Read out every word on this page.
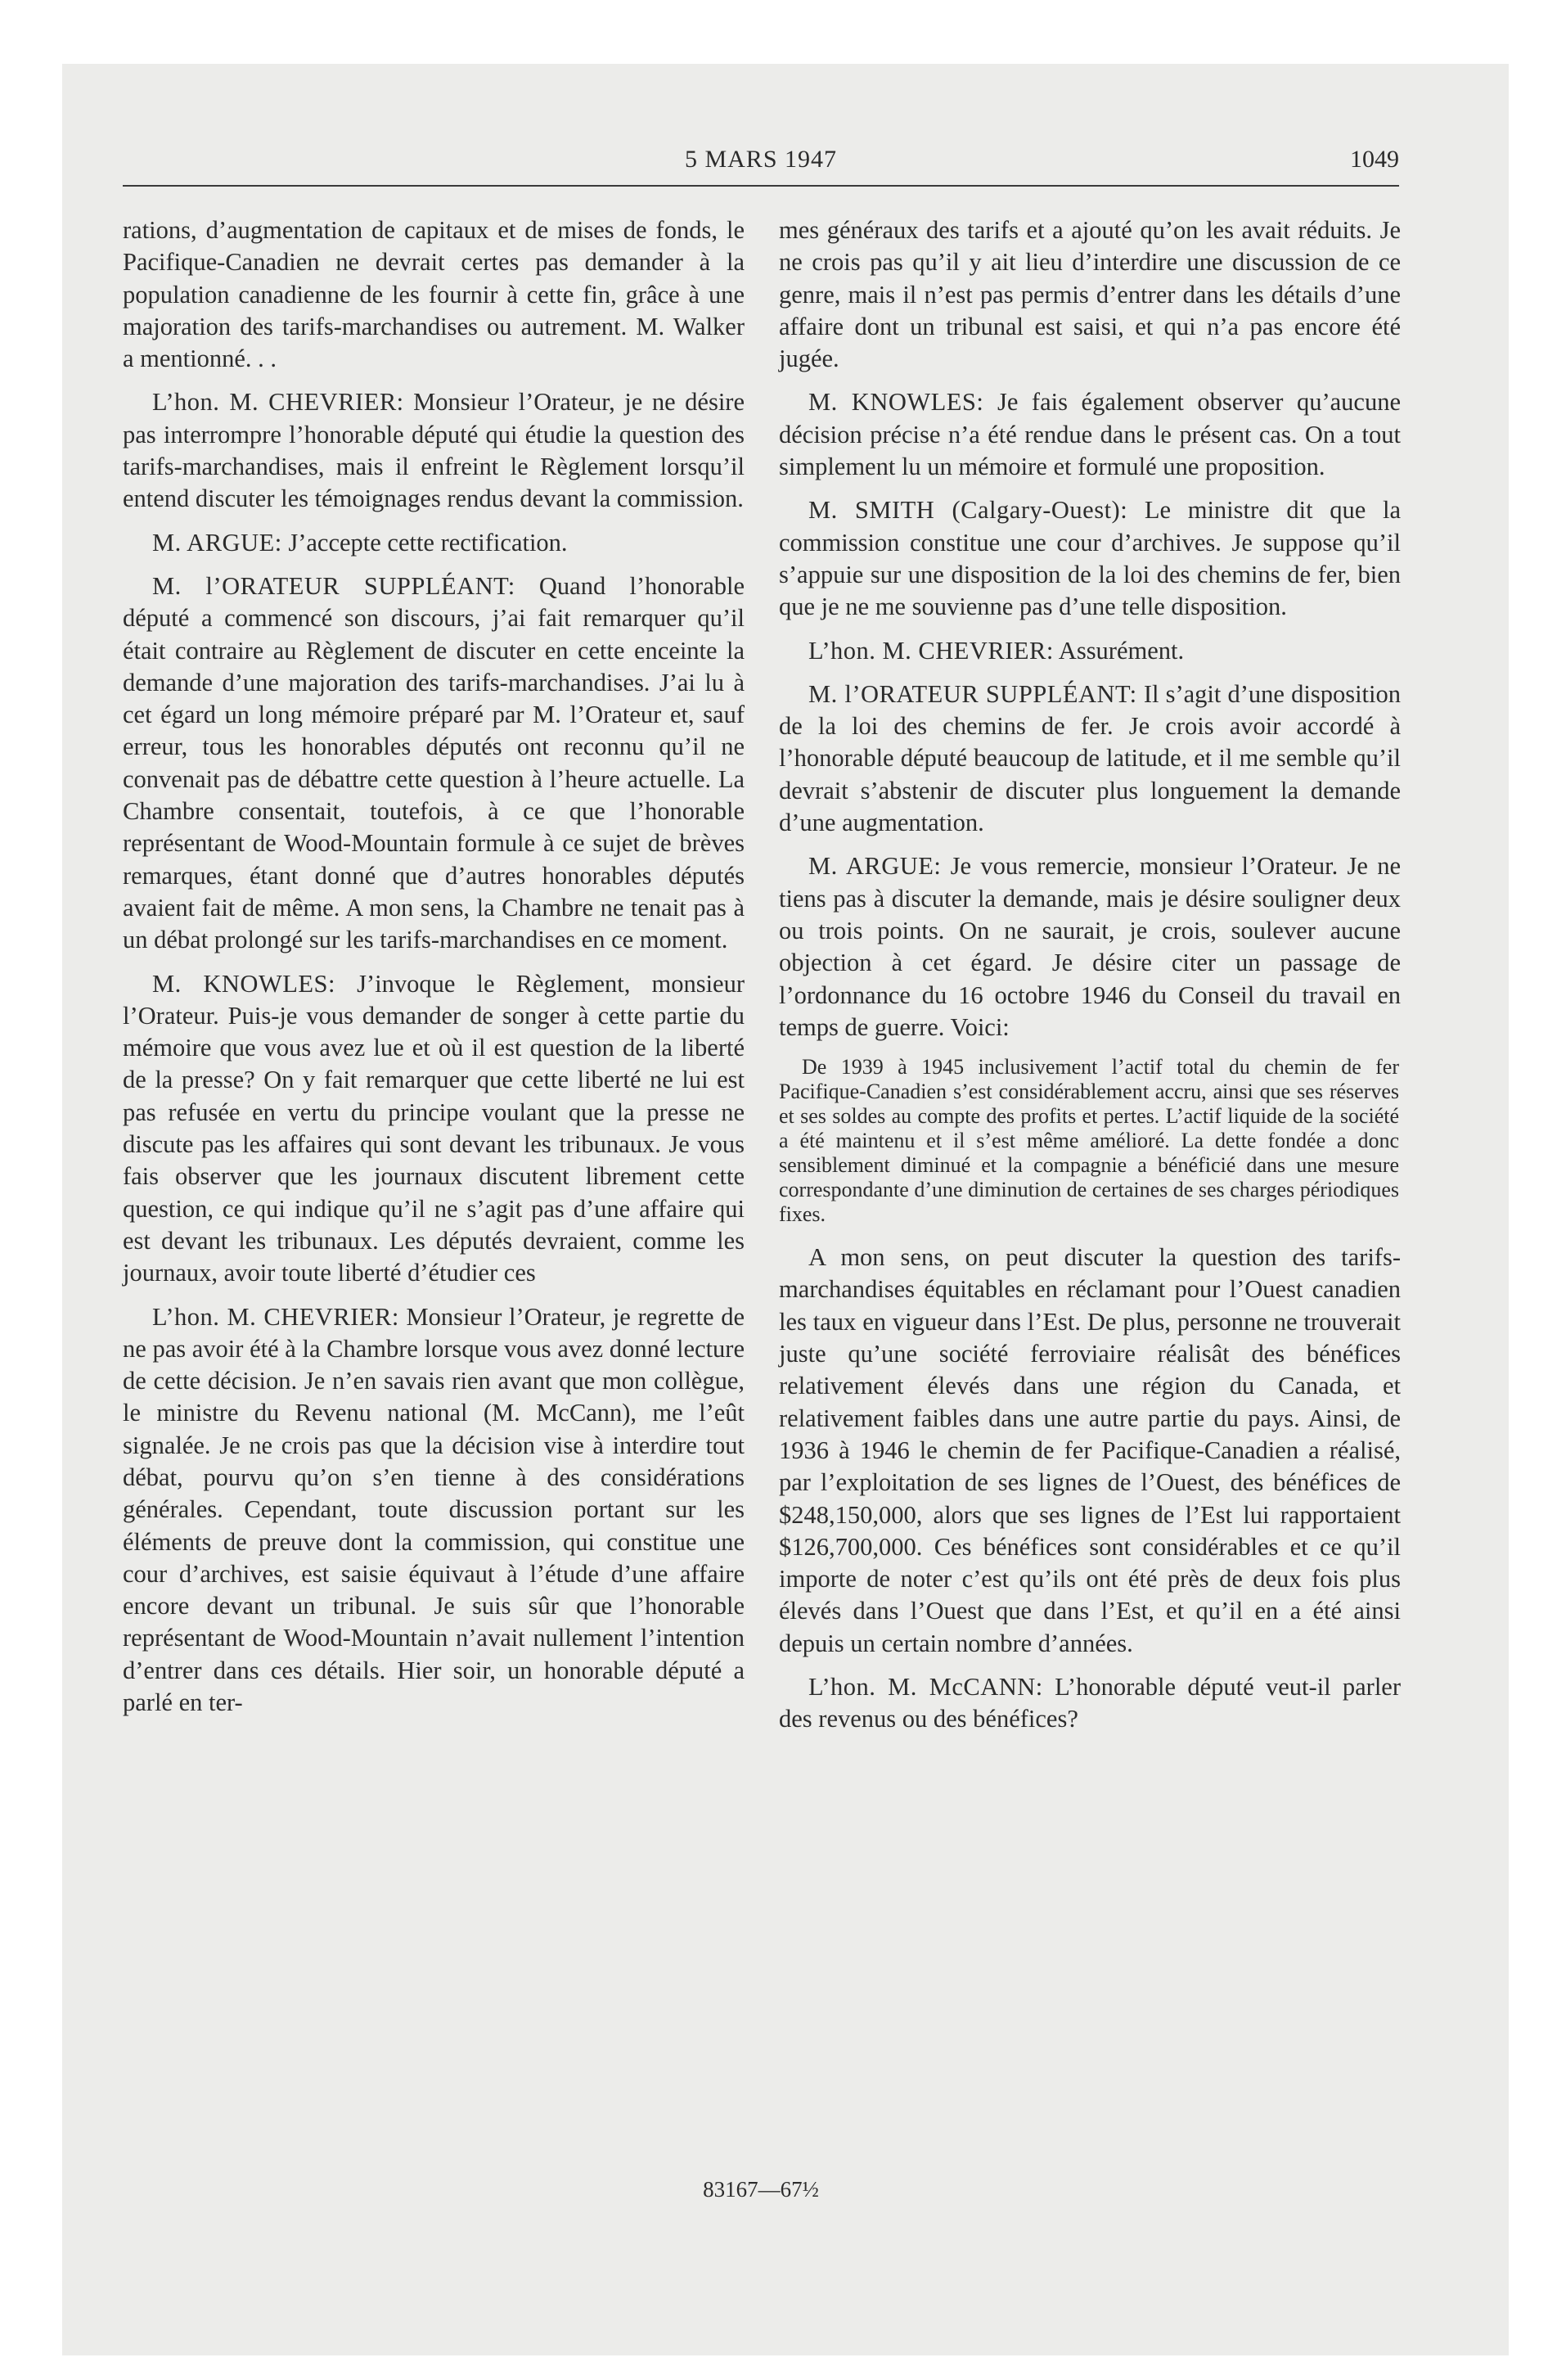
5 MARS 1947	1049

rations, d’augmentation de capitaux et de mises de fonds, le Pacifique-Canadien ne devrait certes pas demander à la population canadienne de les fournir à cette fin, grâce à une majoration des tarifs-marchandises ou autrement. M. Walker a mentionné. . .

L’hon. M. CHEVRIER: Monsieur l’Orateur, je ne désire pas interrompre l’honorable député qui étudie la question des tarifs-marchandises, mais il enfreint le Règlement lorsqu’il entend discuter les témoignages rendus devant la commission.

M. ARGUE: J’accepte cette rectification.

M. l’ORATEUR SUPPLÉANT: Quand l’honorable député a commencé son discours, j’ai fait remarquer qu’il était contraire au Règlement de discuter en cette enceinte la demande d’une majoration des tarifs-marchandises. J’ai lu à cet égard un long mémoire préparé par M. l’Orateur et, sauf erreur, tous les honorables députés ont reconnu qu’il ne convenait pas de débattre cette question à l’heure actuelle. La Chambre consentait, toutefois, à ce que l’honorable représentant de Wood-Mountain formule à ce sujet de brèves remarques, étant donné que d’autres honorables députés avaient fait de même. A mon sens, la Chambre ne tenait pas à un débat prolongé sur les tarifs-marchandises en ce moment.

M. KNOWLES: J’invoque le Règlement, monsieur l’Orateur. Puis-je vous demander de songer à cette partie du mémoire que vous avez lue et où il est question de la liberté de la presse? On y fait remarquer que cette liberté ne lui est pas refusée en vertu du principe voulant que la presse ne discute pas les affaires qui sont devant les tribunaux. Je vous fais observer que les journaux discutent librement cette question, ce qui indique qu’il ne s’agit pas d’une affaire qui est devant les tribunaux. Les députés devraient, comme les journaux, avoir toute liberté d’étudier ces

L’hon. M. CHEVRIER: Monsieur l’Orateur, je regrette de ne pas avoir été à la Chambre lorsque vous avez donné lecture de cette décision. Je n’en savais rien avant que mon collègue, le ministre du Revenu national (M. McCann), me l’eût signalée. Je ne crois pas que la décision vise à interdire tout débat, pourvu qu’on s’en tienne à des considérations générales. Cependant, toute discussion portant sur les éléments de preuve dont la commission, qui constitue une cour d’archives, est saisie équivaut à l’étude d’une affaire encore devant un tribunal. Je suis sûr que l’honorable représentant de Wood-Mountain n’avait nullement l’intention d’entrer dans ces détails. Hier soir, un honorable député a parlé en ter-

mes généraux des tarifs et a ajouté qu’on les avait réduits. Je ne crois pas qu’il y ait lieu d’interdire une discussion de ce genre, mais il n’est pas permis d’entrer dans les détails d’une affaire dont un tribunal est saisi, et qui n’a pas encore été jugée.

M. KNOWLES: Je fais également observer qu’aucune décision précise n’a été rendue dans le présent cas. On a tout simplement lu un mémoire et formulé une proposition.

M. SMITH (Calgary-Ouest): Le ministre dit que la commission constitue une cour d’archives. Je suppose qu’il s’appuie sur une disposition de la loi des chemins de fer, bien que je ne me souvienne pas d’une telle disposition.

L’hon. M. CHEVRIER: Assurément.

M. l’ORATEUR SUPPLÉANT: Il s’agit d’une disposition de la loi des chemins de fer. Je crois avoir accordé à l’honorable député beaucoup de latitude, et il me semble qu’il devrait s’abstenir de discuter plus longuement la demande d’une augmentation.

M. ARGUE: Je vous remercie, monsieur l’Orateur. Je ne tiens pas à discuter la demande, mais je désire souligner deux ou trois points. On ne saurait, je crois, soulever aucune objection à cet égard. Je désire citer un passage de l’ordonnance du 16 octobre 1946 du Conseil du travail en temps de guerre. Voici:

De 1939 à 1945 inclusivement l’actif total du chemin de fer Pacifique-Canadien s’est considérablement accru, ainsi que ses réserves et ses soldes au compte des profits et pertes. L’actif liquide de la société a été maintenu et il s’est même amélioré. La dette fondée a donc sensiblement diminué et la compagnie a bénéficié dans une mesure correspondante d’une diminution de certaines de ses charges périodiques fixes.

A mon sens, on peut discuter la question des tarifs-marchandises équitables en réclamant pour l’Ouest canadien les taux en vigueur dans l’Est. De plus, personne ne trouverait juste qu’une société ferroviaire réalisât des bénéfices relativement élevés dans une région du Canada, et relativement faibles dans une autre partie du pays. Ainsi, de 1936 à 1946 le chemin de fer Pacifique-Canadien a réalisé, par l’exploitation de ses lignes de l’Ouest, des bénéfices de $248,150,000, alors que ses lignes de l’Est lui rapportaient $126,700,000. Ces bénéfices sont considérables et ce qu’il importe de noter c’est qu’ils ont été près de deux fois plus élevés dans l’Ouest que dans l’Est, et qu’il en a été ainsi depuis un certain nombre d’années.

L’hon. M. McCANN: L’honorable député veut-il parler des revenus ou des bénéfices?

83167—67½
